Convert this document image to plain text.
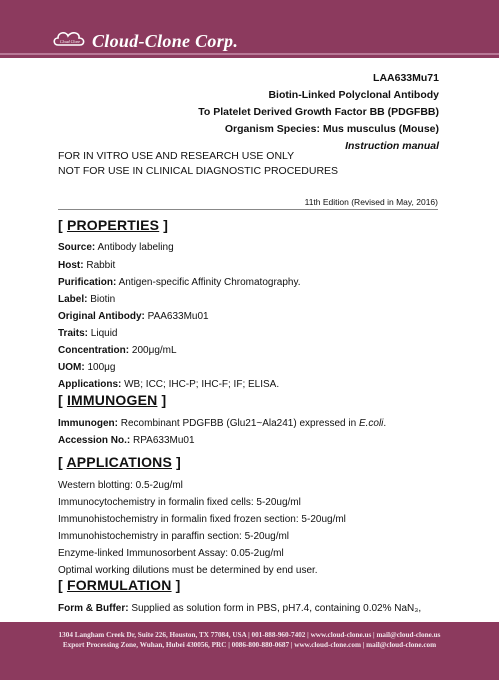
Cloud Clone Cloud-Clone Corp.
LAA633Mu71
Biotin-Linked Polyclonal Antibody
To Platelet Derived Growth Factor BB (PDGFBB)
Organism Species: Mus musculus (Mouse)
Instruction manual
FOR IN VITRO USE AND RESEARCH USE ONLY
NOT FOR USE IN CLINICAL DIAGNOSTIC PROCEDURES
11th Edition (Revised in May, 2016)
[ PROPERTIES ]
Source: Antibody labeling
Host: Rabbit
Purification: Antigen-specific Affinity Chromatography.
Label: Biotin
Original Antibody: PAA633Mu01
Traits: Liquid
Concentration: 200μg/mL
UOM: 100μg
Applications: WB; ICC; IHC-P; IHC-F; IF; ELISA.
[ IMMUNOGEN ]
Immunogen: Recombinant PDGFBB (Glu21~Ala241) expressed in E.coli.
Accession No.: RPA633Mu01
[ APPLICATIONS ]
Western blotting: 0.5-2ug/ml
Immunocytochemistry in formalin fixed cells: 5-20ug/ml
Immunohistochemistry in formalin fixed frozen section: 5-20ug/ml
Immunohistochemistry in paraffin section: 5-20ug/ml
Enzyme-linked Immunosorbent Assay: 0.05-2ug/ml
Optimal working dilutions must be determined by end user.
[ FORMULATION ]
Form & Buffer: Supplied as solution form in PBS, pH7.4, containing 0.02% NaN₃,
1304 Langham Creek Dr, Suite 226, Houston, TX 77084, USA | 001-888-960-7402 | www.cloud-clone.us | mail@cloud-clone.us
Export Processing Zone, Wuhan, Hubei 430056, PRC | 0086-800-880-0687 | www.cloud-clone.com | mail@cloud-clone.com
